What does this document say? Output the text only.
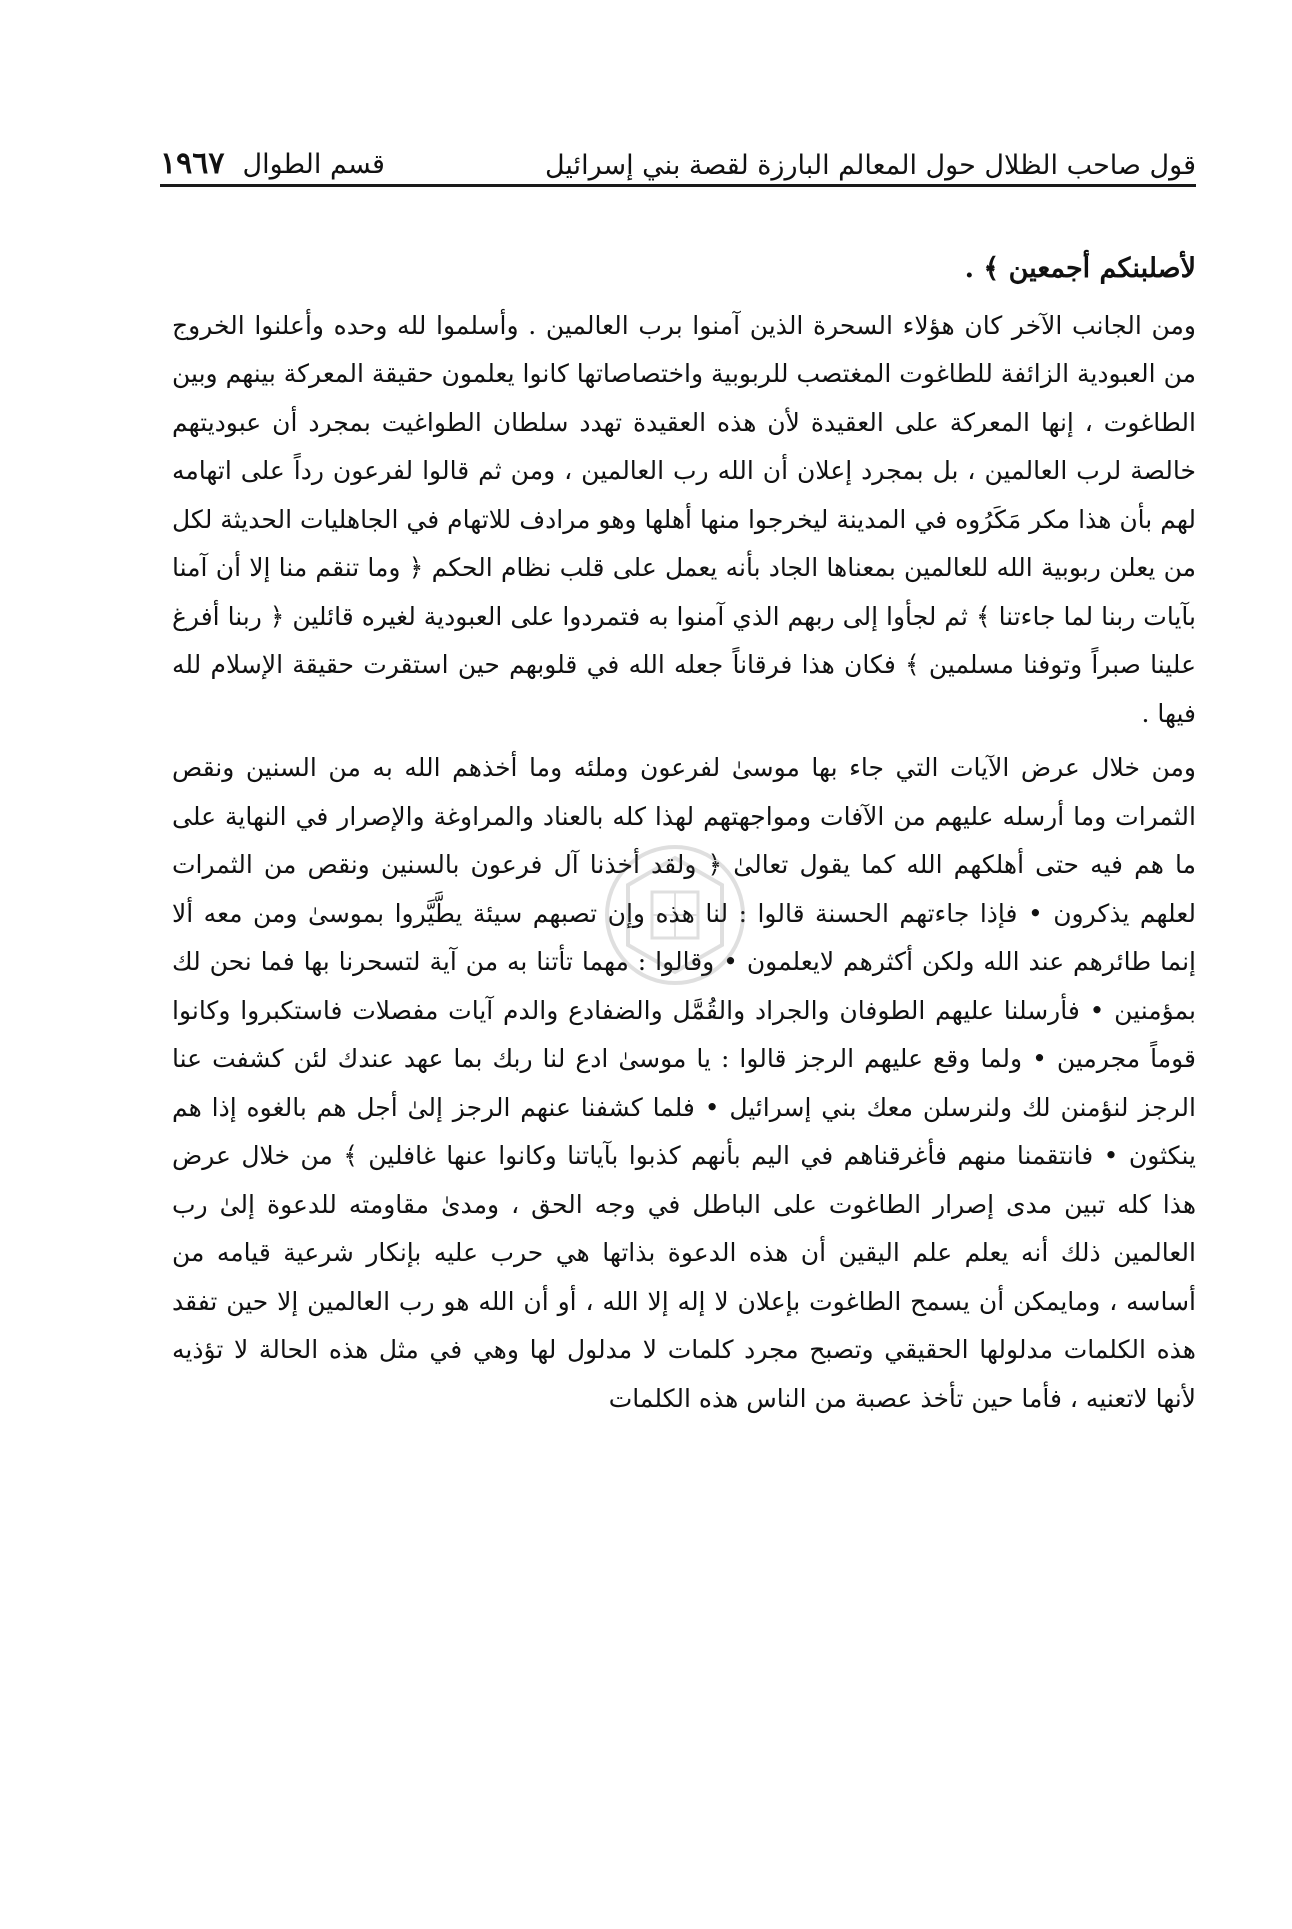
قول صاحب الظلال حول المعالم البارزة لقصة بني إسرائيل
قسم الطوال
١٩٦٧

لأصلبنكم أجمعين ﴾ .

ومن الجانب الآخر كان هؤلاء السحرة الذين آمنوا برب العالمين . وأسلموا لله وحده وأعلنوا الخروج من العبودية الزائفة للطاغوت المغتصب للربوبية واختصاصاتها كانوا يعلمون حقيقة المعركة بينهم وبين الطاغوت ، إنها المعركة على العقيدة لأن هذه العقيدة تهدد سلطان الطواغيت بمجرد أن عبوديتهم خالصة لرب العالمين ، بل بمجرد إعلان أن الله رب العالمين ، ومن ثم قالوا لفرعون رداً على اتهامه لهم بأن هذا مكر مَكَرُوه في المدينة ليخرجوا منها أهلها وهو مرادف للاتهام في الجاهليات الحديثة لكل من يعلن ربوبية الله للعالمين بمعناها الجاد بأنه يعمل على قلب نظام الحكم ﴿ وما تنقم منا إلا أن آمنا بآيات ربنا لما جاءتنا ﴾ ثم لجأوا إلى ربهم الذي آمنوا به فتمردوا على العبودية لغيره قائلين ﴿ ربنا أفرغ علينا صبراً وتوفنا مسلمين ﴾ فكان هذا فرقاناً جعله الله في قلوبهم حين استقرت حقيقة الإسلام لله فيها .

ومن خلال عرض الآيات التي جاء بها موسىٰ لفرعون وملئه وما أخذهم الله به من السنين ونقص الثمرات وما أرسله عليهم من الآفات ومواجهتهم لهذا كله بالعناد والمراوغة والإصرار في النهاية على ما هم فيه حتى أهلكهم الله كما يقول تعالىٰ ﴿ ولقد أخذنا آل فرعون بالسنين ونقص من الثمرات لعلهم يذكرون • فإذا جاءتهم الحسنة قالوا : لنا هذه وإن تصبهم سيئة يطَّيَّروا بموسىٰ ومن معه ألا إنما طائرهم عند الله ولكن أكثرهم لايعلمون • وقالوا : مهما تأتنا به من آية لتسحرنا بها فما نحن لك بمؤمنين • فأرسلنا عليهم الطوفان والجراد والقُمَّل والضفادع والدم آيات مفصلات فاستكبروا وكانوا قوماً مجرمين • ولما وقع عليهم الرجز قالوا : يا موسىٰ ادع لنا ربك بما عهد عندك لئن كشفت عنا الرجز لنؤمنن لك ولنرسلن معك بني إسرائيل • فلما كشفنا عنهم الرجز إلىٰ أجل هم بالغوه إذا هم ينكثون • فانتقمنا منهم فأغرقناهم في اليم بأنهم كذبوا بآياتنا وكانوا عنها غافلين ﴾ من خلال عرض هذا كله تبين مدى إصرار الطاغوت على الباطل في وجه الحق ، ومدىٰ مقاومته للدعوة إلىٰ رب العالمين ذلك أنه يعلم علم اليقين أن هذه الدعوة بذاتها هي حرب عليه بإنكار شرعية قيامه من أساسه ، ومايمكن أن يسمح الطاغوت بإعلان لا إله إلا الله ، أو أن الله هو رب العالمين إلا حين تفقد هذه الكلمات مدلولها الحقيقي وتصبح مجرد كلمات لا مدلول لها وهي في مثل هذه الحالة لا تؤذيه لأنها لاتعنيه ، فأما حين تأخذ عصبة من الناس هذه الكلمات
